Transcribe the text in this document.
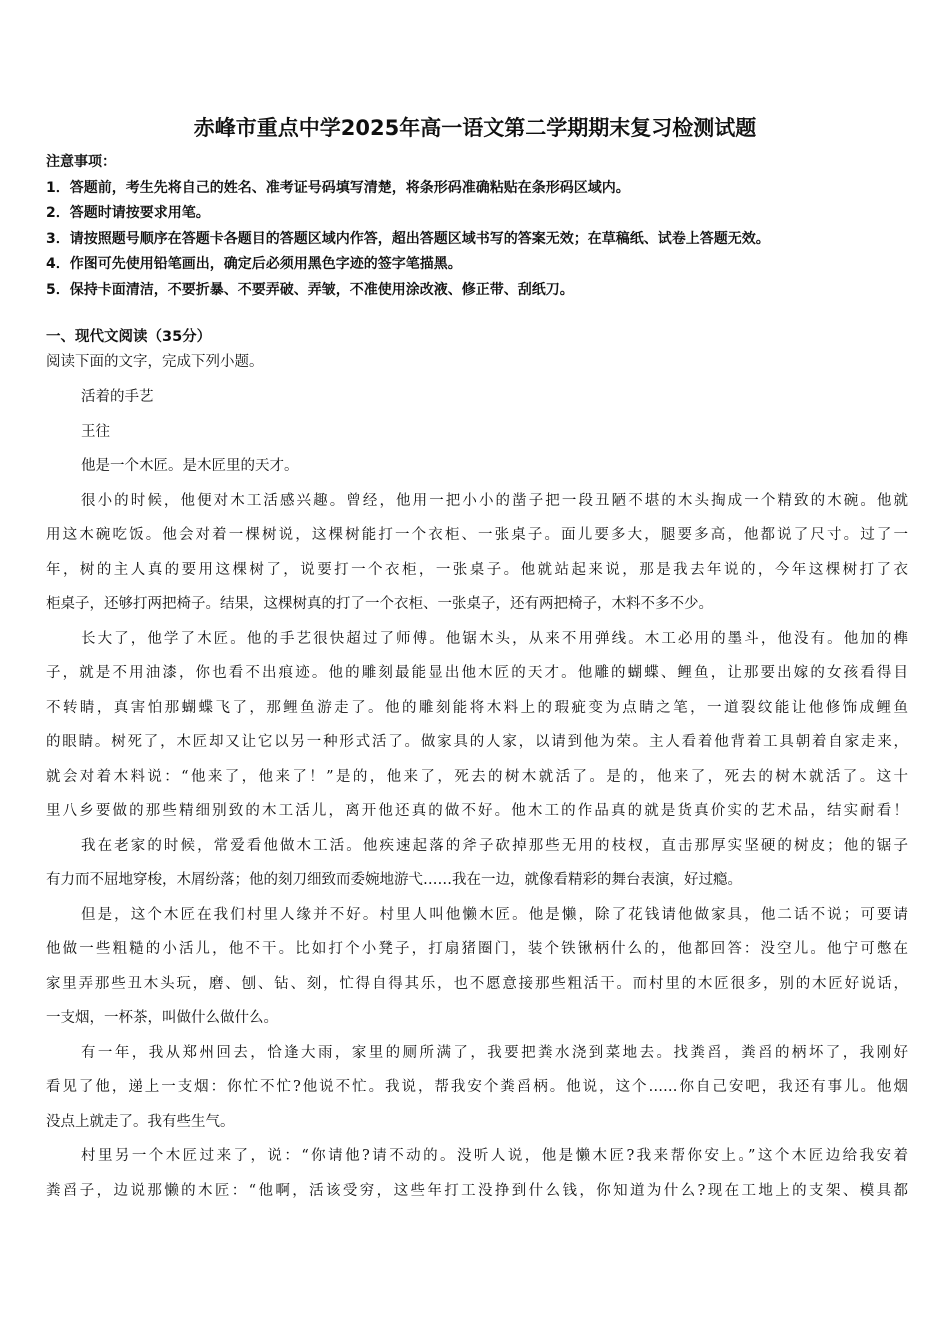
赤峰市重点中学2025年高一语文第二学期期末复习检测试题
注意事项：
1．答题前，考生先将自己的姓名、准考证号码填写清楚，将条形码准确粘贴在条形码区域内。
2．答题时请按要求用笔。
3．请按照题号顺序在答题卡各题目的答题区域内作答，超出答题区域书写的答案无效；在草稿纸、试卷上答题无效。
4．作图可先使用铅笔画出，确定后必须用黑色字迹的签字笔描黑。
5．保持卡面清洁，不要折暴、不要弄破、弄皱，不准使用涂改液、修正带、刮纸刀。
一、现代文阅读（35分）
阅读下面的文字，完成下列小题。
活着的手艺
王往
他是一个木匠。是木匠里的天才。
很小的时候，他便对木工活感兴趣。曾经，他用一把小小的凿子把一段丑陋不堪的木头掏成一个精致的木碗。他就
用这木碗吃饭。他会对着一棵树说，这棵树能打一个衣柜、一张桌子。面儿要多大，腿要多高，他都说了尺寸。过了一
年，树的主人真的要用这棵树了，说要打一个衣柜，一张桌子。他就站起来说，那是我去年说的，今年这棵树打了衣
柜桌子，还够打两把椅子。结果，这棵树真的打了一个衣柜、一张桌子，还有两把椅子，木料不多不少。
长大了，他学了木匠。他的手艺很快超过了师傅。他锯木头，从来不用弹线。木工必用的墨斗，他没有。他加的榫
子，就是不用油漆，你也看不出痕迹。他的雕刻最能显出他木匠的天才。他雕的蝴蝶、鲤鱼，让那要出嫁的女孩看得目
不转睛，真害怕那蝴蝶飞了，那鲤鱼游走了。他的雕刻能将木料上的瑕疵变为点睛之笔，一道裂纹能让他修饰成鲤鱼
的眼睛。树死了，木匠却又让它以另一种形式活了。做家具的人家，以请到他为荣。主人看着他背着工具朝着自家走来，
就会对着木料说：“他来了，他来了！”是的，他来了，死去的树木就活了。是的，他来了，死去的树木就活了。这十
里八乡要做的那些精细别致的木工活儿，离开他还真的做不好。他木工的作品真的就是货真价实的艺术品，结实耐看！
我在老家的时候，常爱看他做木工活。他疾速起落的斧子砍掉那些无用的枝杈，直击那厚实坚硬的树皮；他的锯子
有力而不屈地穿梭，木屑纷落；他的刻刀细致而委婉地游弋……我在一边，就像看精彩的舞台表演，好过瘾。
但是，这个木匠在我们村里人缘并不好。村里人叫他懒木匠。他是懒，除了花钱请他做家具，他二话不说；可要请
他做一些粗糙的小活儿，他不干。比如打个小凳子，打扇猪圈门，装个铁锹柄什么的，他都回答：没空儿。他宁可憋在
家里弄那些丑木头玩，磨、刨、钻、刻，忙得自得其乐，也不愿意接那些粗活干。而村里的木匠很多，别的木匠好说话，
一支烟，一杯茶，叫做什么做什么。
有一年，我从郑州回去，恰逢大雨，家里的厕所满了，我要把粪水浇到菜地去。找粪舀，粪舀的柄坏了，我刚好
看见了他，递上一支烟：你忙不忙?他说不忙。我说，帮我安个粪舀柄。他说，这个……你自己安吧，我还有事儿。他烟
没点上就走了。我有些生气。
村里另一个木匠过来了，说：“你请他?请不动的。没听人说，他是懒木匠?我来帮你安上。”这个木匠边给我安着
粪舀子，边说那懒的木匠：“他啊，活该受穷，这些年打工没挣到什么钱，你知道为什么?现在工地上的支架、模具都
